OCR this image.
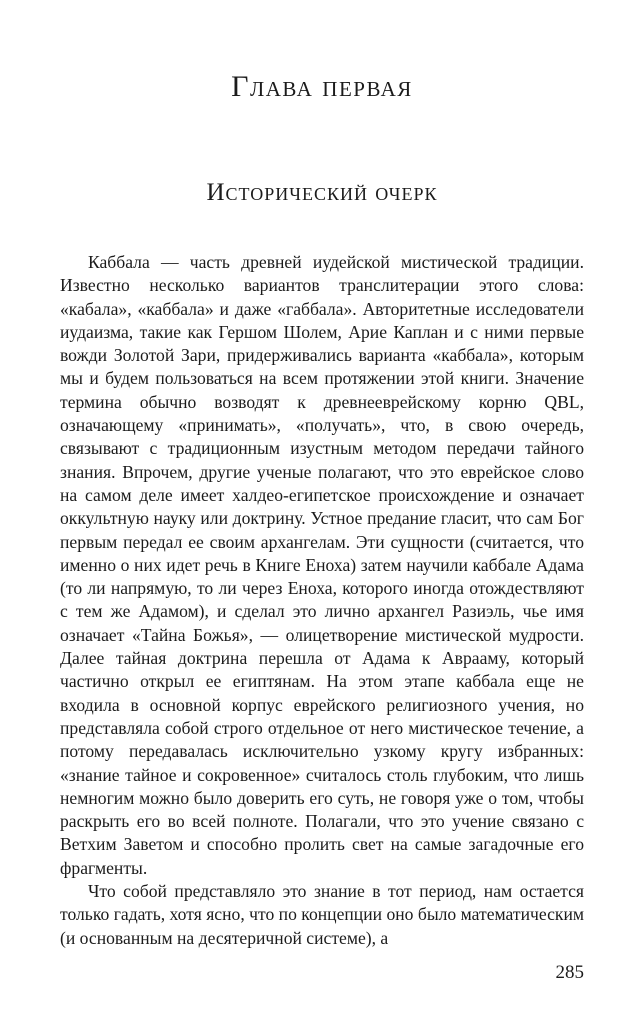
Глава первая
Исторический очерк

Каббала — часть древней иудейской мистической традиции. Известно несколько вариантов транслитерации этого слова: «кабала», «каббала» и даже «габбала». Авторитетные исследователи иудаизма, такие как Гершом Шолем, Арие Каплан и с ними первые вожди Золотой Зари, придерживались варианта «каббала», которым мы и будем пользоваться на всем протяжении этой книги. Значение термина обычно возводят к древнееврейскому корню QBL, означающему «принимать», «получать», что, в свою очередь, связывают с традиционным изустным методом передачи тайного знания. Впрочем, другие ученые полагают, что это еврейское слово на самом деле имеет халдео-египетское происхождение и означает оккультную науку или доктрину. Устное предание гласит, что сам Бог первым передал ее своим архангелам. Эти сущности (считается, что именно о них идет речь в Книге Еноха) затем научили каббале Адама (то ли напрямую, то ли через Еноха, которого иногда отождествляют с тем же Адамом), и сделал это лично архангел Разиэль, чье имя означает «Тайна Божья», — олицетворение мистической мудрости. Далее тайная доктрина перешла от Адама к Аврааму, который частично открыл ее египтянам. На этом этапе каббала еще не входила в основной корпус еврейского религиозного учения, но представляла собой строго отдельное от него мистическое течение, а потому передавалась исключительно узкому кругу избранных: «знание тайное и сокровенное» считалось столь глубоким, что лишь немногим можно было доверить его суть, не говоря уже о том, чтобы раскрыть его во всей полноте. Полагали, что это учение связано с Ветхим Заветом и способно пролить свет на самые загадочные его фрагменты.

Что собой представляло это знание в тот период, нам остается только гадать, хотя ясно, что по концепции оно было математическим (и основанным на десятеричной системе), а

285
